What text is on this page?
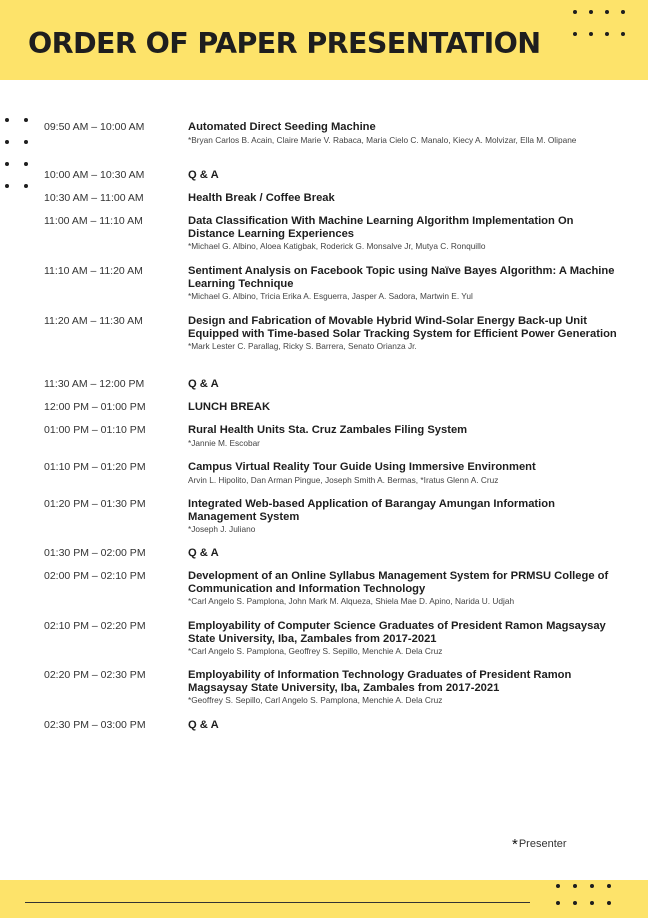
ORDER OF PAPER PRESENTATION
09:50 AM – 10:00 AM	Automated Direct Seeding Machine
*Bryan Carlos B. Acain, Claire Marie V. Rabaca, Maria Cielo C. Manalo, Kiecy A. Molvizar, Ella M. Olipane
10:00 AM – 10:30 AM	Q & A
10:30 AM – 11:00 AM	Health Break / Coffee Break
11:00 AM – 11:10 AM	Data Classification With Machine Learning Algorithm Implementation On Distance Learning Experiences
*Michael G. Albino, Aloea Katigbak, Roderick G. Monsalve Jr, Mutya C. Ronquillo
11:10 AM – 11:20 AM	Sentiment Analysis on Facebook Topic using Naïve Bayes Algorithm: A Machine Learning Technique
*Michael G. Albino, Tricia Erika A. Esguerra, Jasper A. Sadora, Martwin E. Yul
11:20 AM – 11:30 AM	Design and Fabrication of Movable Hybrid Wind-Solar Energy Back-up Unit Equipped with Time-based Solar Tracking System for Efficient Power Generation
*Mark Lester C. Parallag, Ricky S. Barrera, Senato Orianza Jr.
11:30 AM – 12:00 PM	Q & A
12:00 PM – 01:00 PM	LUNCH BREAK
01:00 PM – 01:10 PM	Rural Health Units Sta. Cruz Zambales Filing System
*Jannie M. Escobar
01:10 PM – 01:20 PM	Campus Virtual Reality Tour Guide Using Immersive Environment
Arvin L. Hipolito, Dan Arman Pingue, Joseph Smith A. Bermas, *Iratus Glenn A. Cruz
01:20 PM – 01:30 PM	Integrated Web-based Application of Barangay Amungan Information Management System
*Joseph J. Juliano
01:30 PM – 02:00 PM	Q & A
02:00 PM – 02:10 PM	Development of an Online Syllabus Management System for PRMSU College of Communication and Information Technology
*Carl Angelo S. Pamplona, John Mark M. Alqueza, Shiela Mae D. Apino, Narida U. Udjah
02:10 PM – 02:20 PM	Employability of Computer Science Graduates of President Ramon Magsaysay State University, Iba, Zambales from 2017-2021
*Carl Angelo S. Pamplona, Geoffrey S. Sepillo, Menchie A. Dela Cruz
02:20 PM – 02:30 PM	Employability of Information Technology Graduates of President Ramon Magsaysay State University, Iba, Zambales from 2017-2021
*Geoffrey S. Sepillo, Carl Angelo S. Pamplona, Menchie A. Dela Cruz
02:30 PM – 03:00 PM	Q & A
*Presenter
